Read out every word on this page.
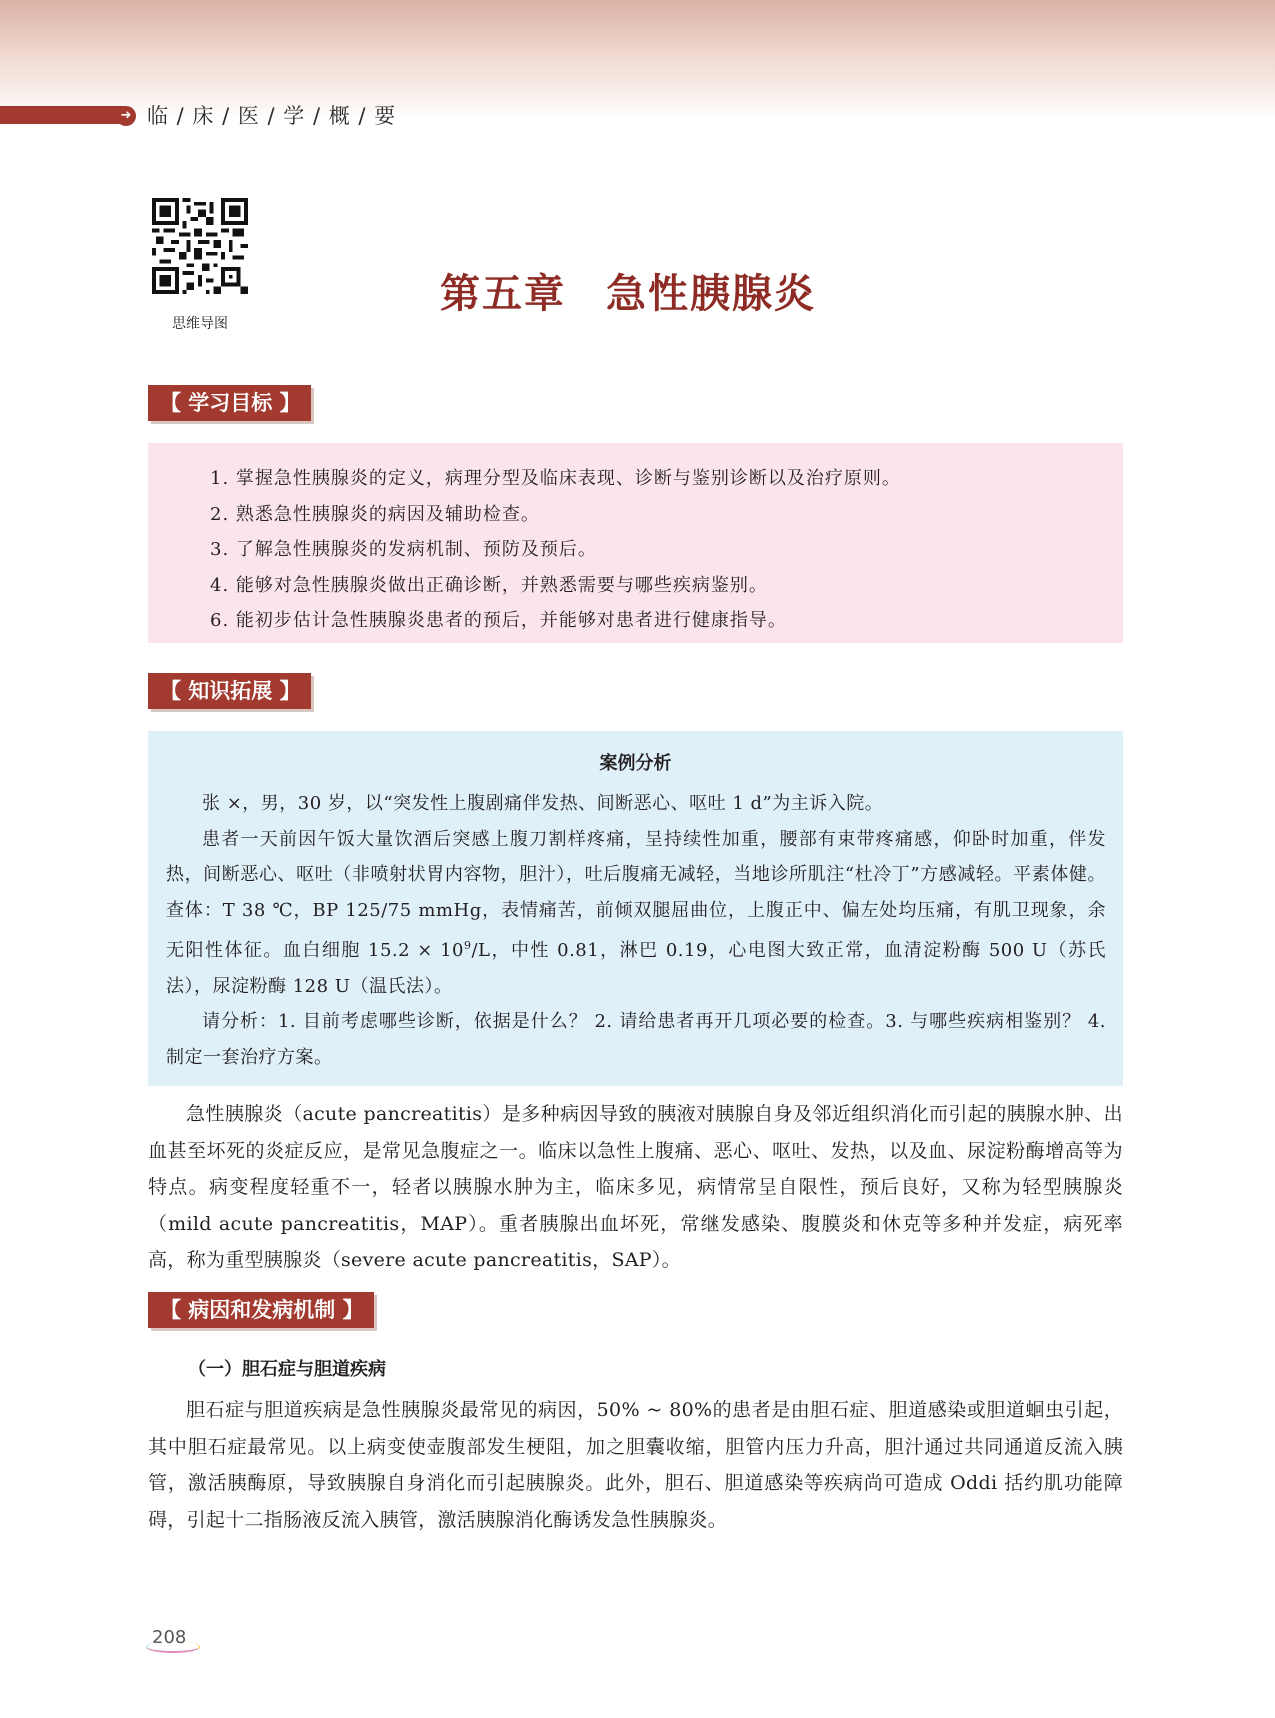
➜ 临 / 床 / 医 / 学 / 概 / 要
思维导图
第五章 急性胰腺炎
【 学习目标 】
1. 掌握急性胰腺炎的定义，病理分型及临床表现、诊断与鉴别诊断以及治疗原则。
2. 熟悉急性胰腺炎的病因及辅助检查。
3. 了解急性胰腺炎的发病机制、预防及预后。
4. 能够对急性胰腺炎做出正确诊断，并熟悉需要与哪些疾病鉴别。
6. 能初步估计急性胰腺炎患者的预后，并能够对患者进行健康指导。
【 知识拓展 】
案例分析

张 ×，男，30 岁，以“突发性上腹剧痛伴发热、间断恶心、呕吐 1 d”为主诉入院。

患者一天前因午饭大量饮酒后突感上腹刀割样疼痛，呈持续性加重，腰部有束带疼痛感，仰卧时加重，伴发热，间断恶心、呕吐（非喷射状胃内容物，胆汁），吐后腹痛无减轻，当地诊所肌注“杜冷丁”方感减轻。平素体健。查体：T 38 ℃，BP 125/75 mmHg，表情痛苦，前倾双腿屈曲位，上腹正中、偏左处均压痛，有肌卫现象，余无阳性体征。血白细胞 $15.2 \times 10^9/L$，中性 0.81，淋巴 0.19，心电图大致正常，血清淀粉酶 500 U（苏氏法），尿淀粉酶 128 U（温氏法）。

请分析：1. 目前考虑哪些诊断，依据是什么？ 2. 请给患者再开几项必要的检查。3. 与哪些疾病相鉴别？ 4. 制定一套治疗方案。

急性胰腺炎（acute pancreatitis）是多种病因导致的胰液对胰腺自身及邻近组织消化而引起的胰腺水肿、出血甚至坏死的炎症反应，是常见急腹症之一。临床以急性上腹痛、恶心、呕吐、发热，以及血、尿淀粉酶增高等为特点。病变程度轻重不一，轻者以胰腺水肿为主，临床多见，病情常呈自限性，预后良好，又称为轻型胰腺炎（mild acute pancreatitis，MAP）。重者胰腺出血坏死，常继发感染、腹膜炎和休克等多种并发症，病死率高，称为重型胰腺炎（severe acute pancreatitis，SAP）。

【 病因和发病机制 】
（一）胆石症与胆道疾病

胆石症与胆道疾病是急性胰腺炎最常见的病因，50% ~ 80%的患者是由胆石症、胆道感染或胆道蛔虫引起，其中胆石症最常见。以上病变使壶腹部发生梗阻，加之胆囊收缩，胆管内压力升高，胆汁通过共同通道反流入胰管，激活胰酶原，导致胰腺自身消化而引起胰腺炎。此外，胆石、胆道感染等疾病尚可造成 Oddi 括约肌功能障碍，引起十二指肠液反流入胰管，激活胰腺消化酶诱发急性胰腺炎。

208
